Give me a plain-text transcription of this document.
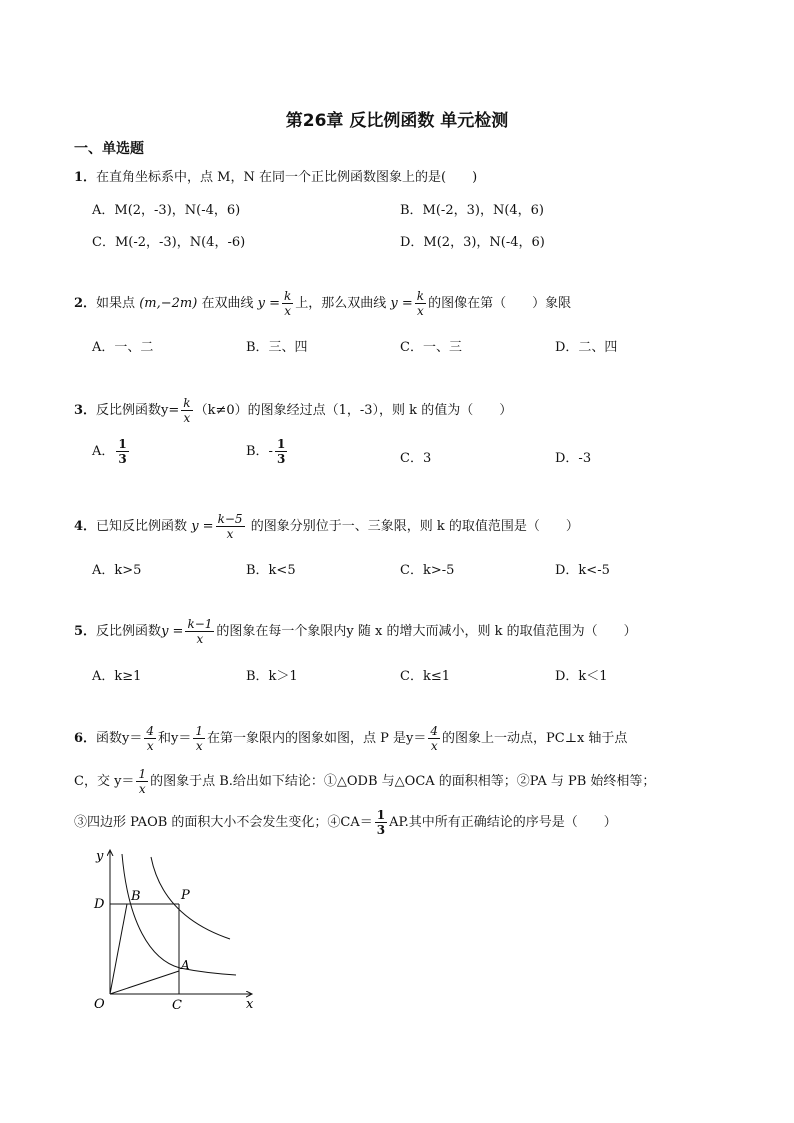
第26章 反比例函数 单元检测
一、单选题
1．在直角坐标系中，点 M，N 在同一个正比例函数图象上的是(　　)
A．M(2，-3)，N(-4，6)	B．M(-2，3)，N(4，6)
C．M(-2，-3)，N(4，-6)	D．M(2，3)，N(-4，6)
2．如果点 (m,−2m) 在双曲线 $y = \frac{k}{x}$ 上，那么双曲线 $y = \frac{k}{x}$ 的图像在第（　　）象限
A．一、二	B．三、四	C．一、三	D．二、四
3．反比例函数$y= \frac{k}{x} (k\ne 0)$的图象经过点（1，-3），则 k 的值为（　　）
A． $\frac{1}{3}$	B．- $\frac{1}{3}$	C．3	D．-3
4．已知反比例函数 $y = \frac{k-5}{x}$ 的图象分别位于一、三象限，则 k 的取值范围是（　　）
A．k>5	B．k<5	C．k>-5	D．k<-5
5．反比例函数$y = \frac{k-1}{x}$ 的图象在每一个象限内y 随 x 的增大而减小，则 k 的取值范围为（　　）
A．k≥1	B．k＞1	C．k≤1	D．k＜1
6．函数$y= \frac{4}{x}$ 和$y= \frac{1}{x}$ 在第一象限内的图象如图，点 P 是$y= \frac{4}{x}$ 的图象上一动点，PC⊥x 轴于点
C，交 $y= \frac{1}{x}$ 的图象于点 B.给出如下结论：①△ODB 与△OCA 的面积相等；②PA 与 PB 始终相等；
③四边形 PAOB 的面积大小不会发生变化；④CA＝ $\frac{1}{3}$ AP.其中所有正确结论的序号是（　　）
y
x
O
D
B	P
A
C
